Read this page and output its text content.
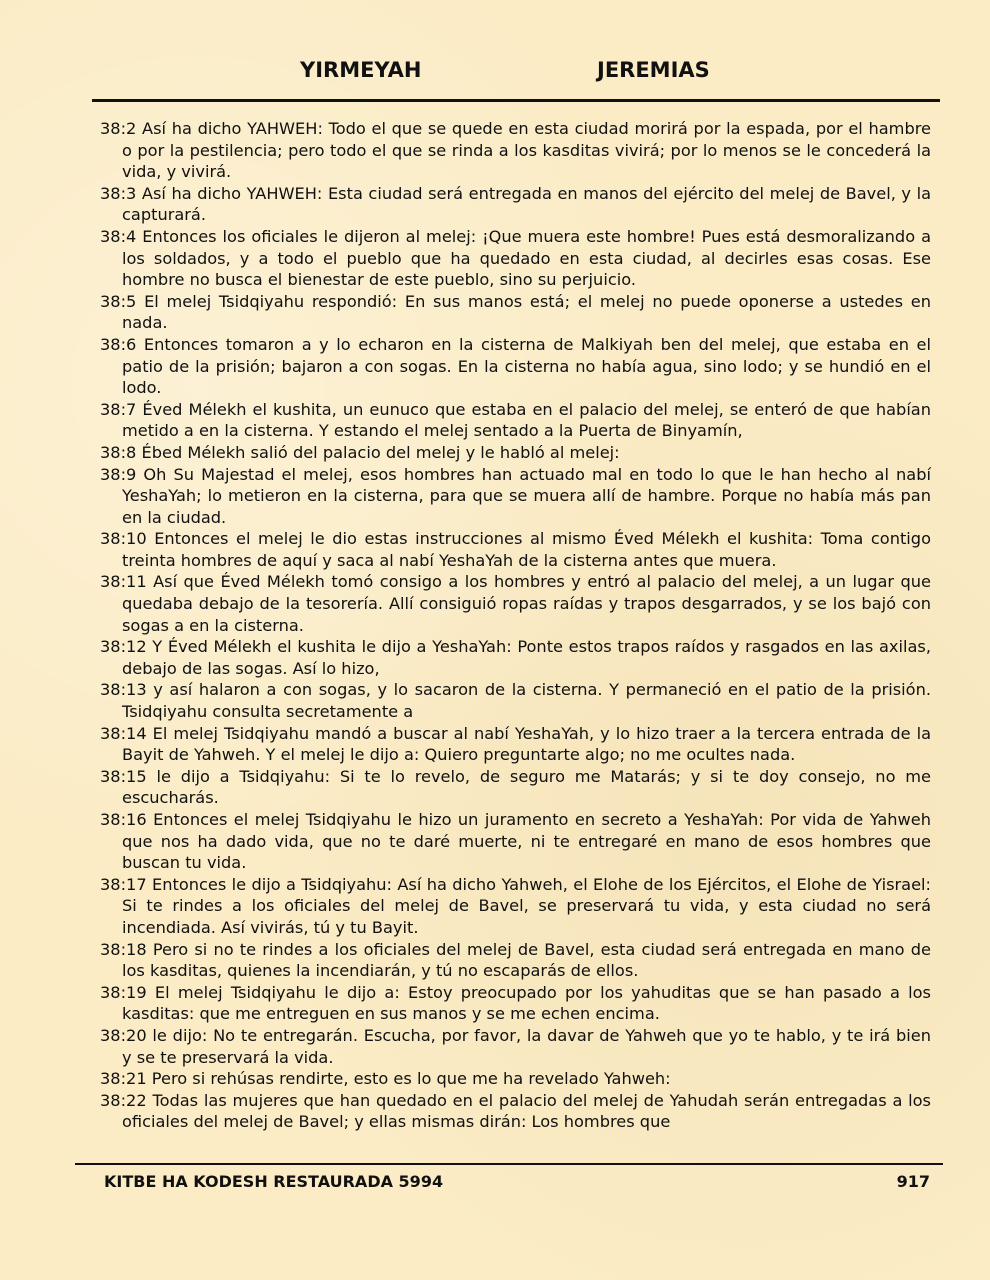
YIRMEYAH	JEREMIAS

38:2 Así ha dicho YAHWEH: Todo el que se quede en esta ciudad morirá por la espada, por el hambre o por la pestilencia; pero todo el que se rinda a los kasditas vivirá; por lo menos se le concederá la vida, y vivirá.

38:3 Así ha dicho YAHWEH: Esta ciudad será entregada en manos del ejército del melej de Bavel, y la capturará.

38:4 Entonces los oficiales le dijeron al melej: ¡Que muera este hombre! Pues está desmoralizando a los soldados, y a todo el pueblo que ha quedado en esta ciudad, al decirles esas cosas. Ese hombre no busca el bienestar de este pueblo, sino su perjuicio.

38:5 El melej Tsidqiyahu respondió: En sus manos está; el melej no puede oponerse a ustedes en nada.

38:6 Entonces tomaron a y lo echaron en la cisterna de Malkiyah ben del melej, que estaba en el patio de la prisión; bajaron a con sogas. En la cisterna no había agua, sino lodo; y se hundió en el lodo.

38:7 Éved Mélekh el kushita, un eunuco que estaba en el palacio del melej, se enteró de que habían metido a en la cisterna. Y estando el melej sentado a la Puerta de Binyamín,

38:8 Ébed Mélekh salió del palacio del melej y le habló al melej:

38:9 Oh Su Majestad el melej, esos hombres han actuado mal en todo lo que le han hecho al nabí YeshaYah; lo metieron en la cisterna, para que se muera allí de hambre. Porque no había más pan en la ciudad.

38:10 Entonces el melej le dio estas instrucciones al mismo Éved Mélekh el kushita: Toma contigo treinta hombres de aquí y saca al nabí YeshaYah de la cisterna antes que muera.

38:11 Así que Éved Mélekh tomó consigo a los hombres y entró al palacio del melej, a un lugar que quedaba debajo de la tesorería. Allí consiguió ropas raídas y trapos desgarrados, y se los bajó con sogas a en la cisterna.

38:12 Y Éved Mélekh el kushita le dijo a YeshaYah: Ponte estos trapos raídos y rasgados en las axilas, debajo de las sogas. Así lo hizo,

38:13 y así halaron a con sogas, y lo sacaron de la cisterna. Y permaneció en el patio de la prisión. Tsidqiyahu consulta secretamente a

38:14 El melej Tsidqiyahu mandó a buscar al nabí YeshaYah, y lo hizo traer a la tercera entrada de la Bayit de Yahweh. Y el melej le dijo a: Quiero preguntarte algo; no me ocultes nada.

38:15 le dijo a Tsidqiyahu: Si te lo revelo, de seguro me Matarás; y si te doy consejo, no me escucharás.

38:16 Entonces el melej Tsidqiyahu le hizo un juramento en secreto a YeshaYah: Por vida de Yahweh que nos ha dado vida, que no te daré muerte, ni te entregaré en mano de esos hombres que buscan tu vida.

38:17 Entonces le dijo a Tsidqiyahu: Así ha dicho Yahweh, el Elohe de los Ejércitos, el Elohe de Yisrael: Si te rindes a los oficiales del melej de Bavel, se preservará tu vida, y esta ciudad no será incendiada. Así vivirás, tú y tu Bayit.

38:18 Pero si no te rindes a los oficiales del melej de Bavel, esta ciudad será entregada en mano de los kasditas, quienes la incendiarán, y tú no escaparás de ellos.

38:19 El melej Tsidqiyahu le dijo a: Estoy preocupado por los yahuditas que se han pasado a los kasditas: que me entreguen en sus manos y se me echen encima.

38:20 le dijo: No te entregarán. Escucha, por favor, la davar de Yahweh que yo te hablo, y te irá bien y se te preservará la vida.

38:21 Pero si rehúsas rendirte, esto es lo que me ha revelado Yahweh:

38:22 Todas las mujeres que han quedado en el palacio del melej de Yahudah serán entregadas a los oficiales del melej de Bavel; y ellas mismas dirán: Los hombres que

KITBE HA KODESH RESTAURADA 5994	917
